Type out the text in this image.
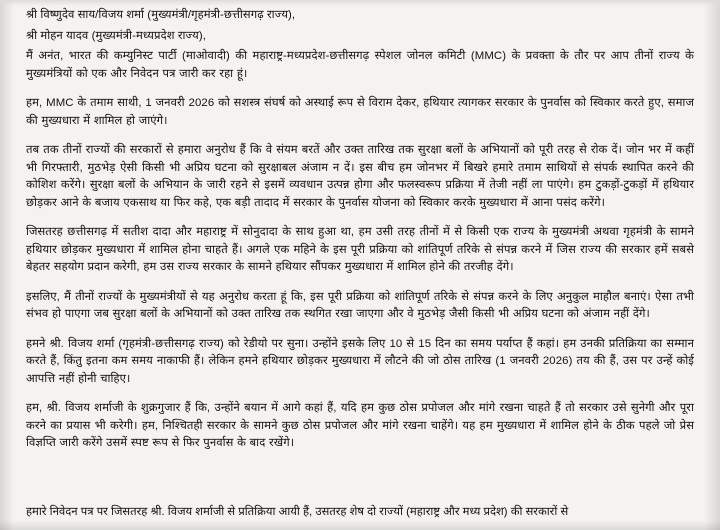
श्री विष्णुदेव साय/विजय शर्मा (मुख्यमंत्री/गृहमंत्री-छत्तीसगढ़ राज्य),

श्री मोहन यादव (मुख्यमंत्री-मध्यप्रदेश राज्य),

मैं अनंत, भारत की कम्युनिस्ट पार्टी (माओवादी) की महाराष्ट्र-मध्यप्रदेश-छत्तीसगढ़ स्पेशल जोनल कमिटी (MMC) के प्रवक्ता के तौर पर आप तीनों राज्य के मुख्यमंत्रियों को एक और निवेदन पत्र जारी कर रहा हूं।

हम, MMC के तमाम साथी, 1 जनवरी 2026 को सशस्त्र संघर्ष को अस्थाई रूप से विराम देकर, हथियार त्यागकर सरकार के पुनर्वास को स्विकार करते हुए, समाज की मुख्यधारा में शामिल हो जाएंगे।

तब तक तीनों राज्यों की सरकारों से हमारा अनुरोध हैं कि वे संयम बरतें और उक्त तारिख तक सुरक्षा बलों के अभियानों को पूरी तरह से रोक दें। जोन भर में कहीं भी गिरफ्तारी, मुठभेड़ ऐसी किसी भी अप्रिय घटना को सुरक्षाबल अंजाम न दें। इस बीच हम जोनभर में बिखरे हमारे तमाम साथियों से संपर्क स्थापित करने की कोशिश करेंगे। सुरक्षा बलों के अभियान के जारी रहने से इसमें व्यवधान उत्पन्न होगा और फलस्वरूप प्रक्रिया में तेजी नहीं ला पाएंगे। हम टुकड़ों-टुकड़ों में हथियार छोड़कर आने के बजाय एकसाथ या फिर कहे, एक बड़ी तादाद में सरकार के पुनर्वास योजना को स्विकार करके मुख्यधारा में आना पसंद करेंगे।

जिसतरह छत्तीसगढ़ में सतीश दादा और महाराष्ट्र में सोनुदादा के साथ हुआ था, हम उसी तरह तीनों में से किसी एक राज्य के मुख्यमंत्री अथवा गृहमंत्री के सामने हथियार छोड़कर मुख्यधारा में शामिल होना चाहते हैं। अगले एक महिने के इस पूरी प्रक्रिया को शांतिपूर्ण तरिके से संपन्न करने में जिस राज्य की सरकार हमें सबसे बेहतर सहयोग प्रदान करेगी, हम उस राज्य सरकार के सामने हथियार सौंपकर मुख्यधारा में शामिल होने की तरजीह देंगे।

इसलिए, मैं तीनों राज्यों के मुख्यमंत्रीयों से यह अनुरोध करता हूं कि, इस पूरी प्रक्रिया को शांतिपूर्ण तरिके से संपन्न करने के लिए अनुकुल माहौल बनाएं। ऐसा तभी संभव हो पाएगा जब सुरक्षा बलों के अभियानों को उक्त तारिख तक स्थगित रखा जाएगा और वे मुठभेड़ जैसी किसी भी अप्रिय घटना को अंजाम नहीं देंगे।

हमने श्री. विजय शर्मा (गृहमंत्री-छत्तीसगढ़ राज्य) को रेडीयो पर सुना। उन्होंने इसके लिए 10 से 15 दिन का समय पर्याप्त हैं कहां। हम उनकी प्रतिक्रिया का सम्मान करते हैं, किंतु इतना कम समय नाकाफी हैं। लेकिन हमने हथियार छोड़कर मुख्यधारा में लौटने की जो ठोस तारिख (1 जनवरी 2026) तय की हैं, उस पर उन्हें कोई आपत्ति नहीं होनी चाहिए।

हम, श्री. विजय शर्माजी के शुक्रगुजार हैं कि, उन्होंने बयान में आगे कहां हैं, यदि हम कुछ ठोस प्रपोजल और मांगे रखना चाहते हैं तो सरकार उसे सुनेगी और पूरा करने का प्रयास भी करेगी। हम, निश्चितही सरकार के सामने कुछ ठोस प्रपोजल और मांगे रखना चाहेंगे। यह हम मुख्यधारा में शामिल होने के ठीक पहले जो प्रेस विज्ञप्ति जारी करेंगे उसमें स्पष्ट रूप से फिर पुनर्वास के बाद रखेंगे।

हमारे निवेदन पत्र पर जिसतरह श्री. विजय शर्माजी से प्रतिक्रिया आयी हैं, उसतरह शेष दो राज्यों (महाराष्ट्र और मध्य प्रदेश) की सरकारों से
